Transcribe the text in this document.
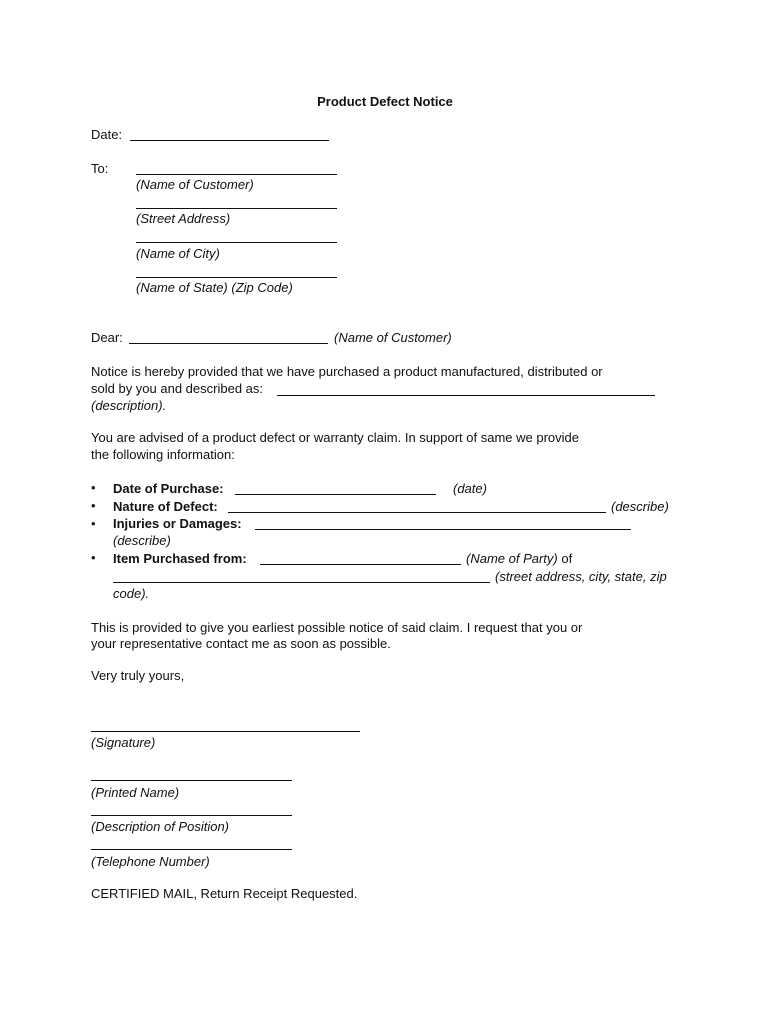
Product Defect Notice
Date:
To:
(Name of Customer)
(Street Address)
(Name of City)
(Name of State) (Zip Code)
Dear:	(Name of Customer)
Notice is hereby provided that we have purchased a product manufactured, distributed or
sold by you and described as:
(description).
You are advised of a product defect or warranty claim. In support of same we provide
the following information:
• Date of Purchase:	(date)
• Nature of Defect:	(describe)
• Injuries or Damages:
(describe)
• Item Purchased from:	(Name of Party) of
(street address, city, state, zip
code).
This is provided to give you earliest possible notice of said claim. I request that you or
your representative contact me as soon as possible.
Very truly yours,
(Signature)
(Printed Name)
(Description of Position)
(Telephone Number)
CERTIFIED MAIL, Return Receipt Requested.
